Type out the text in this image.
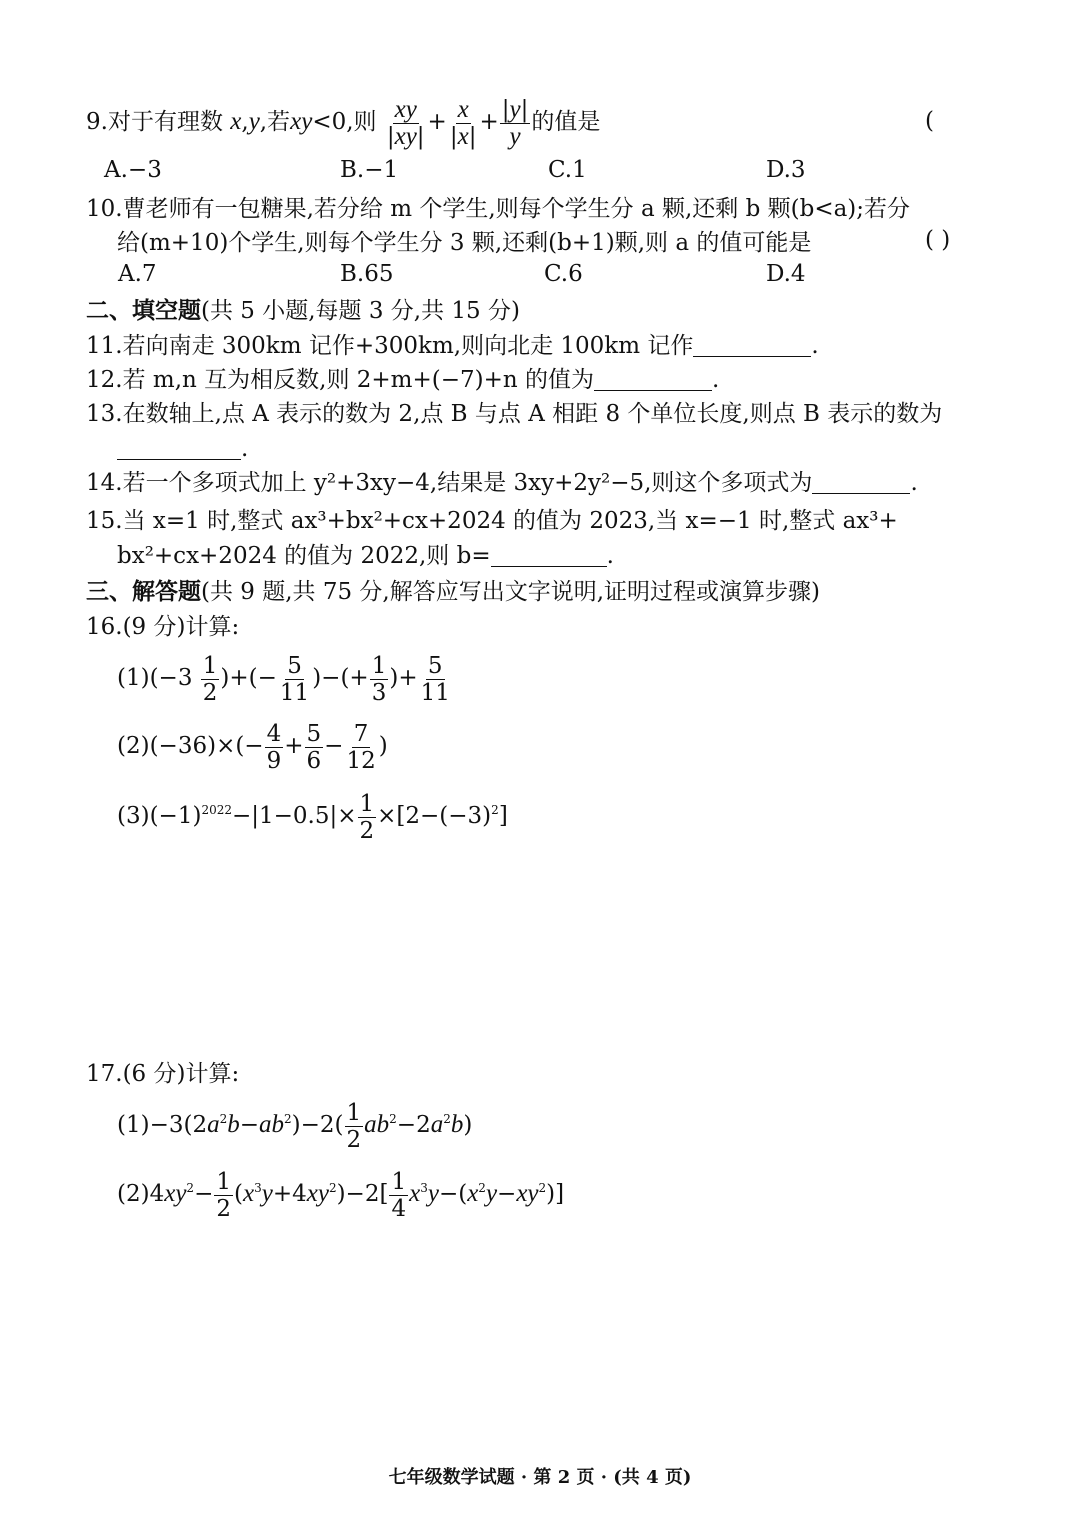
9.对于有理数 x,y,若xy<0,则 $\frac{xy}{|xy|} + \frac{x}{|x|} + \frac{|y|}{y}$ 的值是	(
A.−3	B.−1	C.1	D.3
10.曹老师有一包糖果,若分给 m 个学生,则每个学生分 a 颗,还剩 b 颗(b<a);若分
给(m+10)个学生,则每个学生分 3 颗,还剩(b+1)颗,则 a 的值可能是	( )
A.7	B.65	C.6	D.4
二、填空题(共 5 小题,每题 3 分,共 15 分)
11.若向南走 300km 记作+300km,则向北走 100km 记作	.
12.若 m,n 互为相反数,则 2+m+(−7)+n 的值为	.
13.在数轴上,点 A 表示的数为 2,点 B 与点 A 相距 8 个单位长度,则点 B 表示的数为
.
14.若一个多项式加上 y²+3xy−4,结果是 3xy+2y²−5,则这个多项式为	.
15.当 x=1 时,整式 ax³+bx²+cx+2024 的值为 2023,当 x=−1 时,整式 ax³+
bx²+cx+2024 的值为 2022,则 b=	.
三、解答题(共 9 题,共 75 分,解答应写出文字说明,证明过程或演算步骤)
16.(9 分)计算:
$(1)(-3 \frac{1}{2}$ )+(− $\frac{5}{11}$ )−(+ $\frac{1}{3}$ )+ $\frac{5}{11}$
$(2)(-36)\times(- \frac{4}{9} + \frac{5}{6} - \frac{7}{12}$ )
$(3)(-1)^{2022}-|1-0.5|\times \frac{1}{2} \times[2-(-3)^2]$
17.(6 分)计算:
$(1)-3(2a^2b-ab^2)-2( \frac{1}{2} ab^2-2a^2b)$
$(2)4xy^2- \frac{1}{2} (x^3y+4xy^2)-2[ \frac{1}{4} x^3y-(x^2y-xy^2)]$
七年级数学试题 · 第 2 页 · (共 4 页)
